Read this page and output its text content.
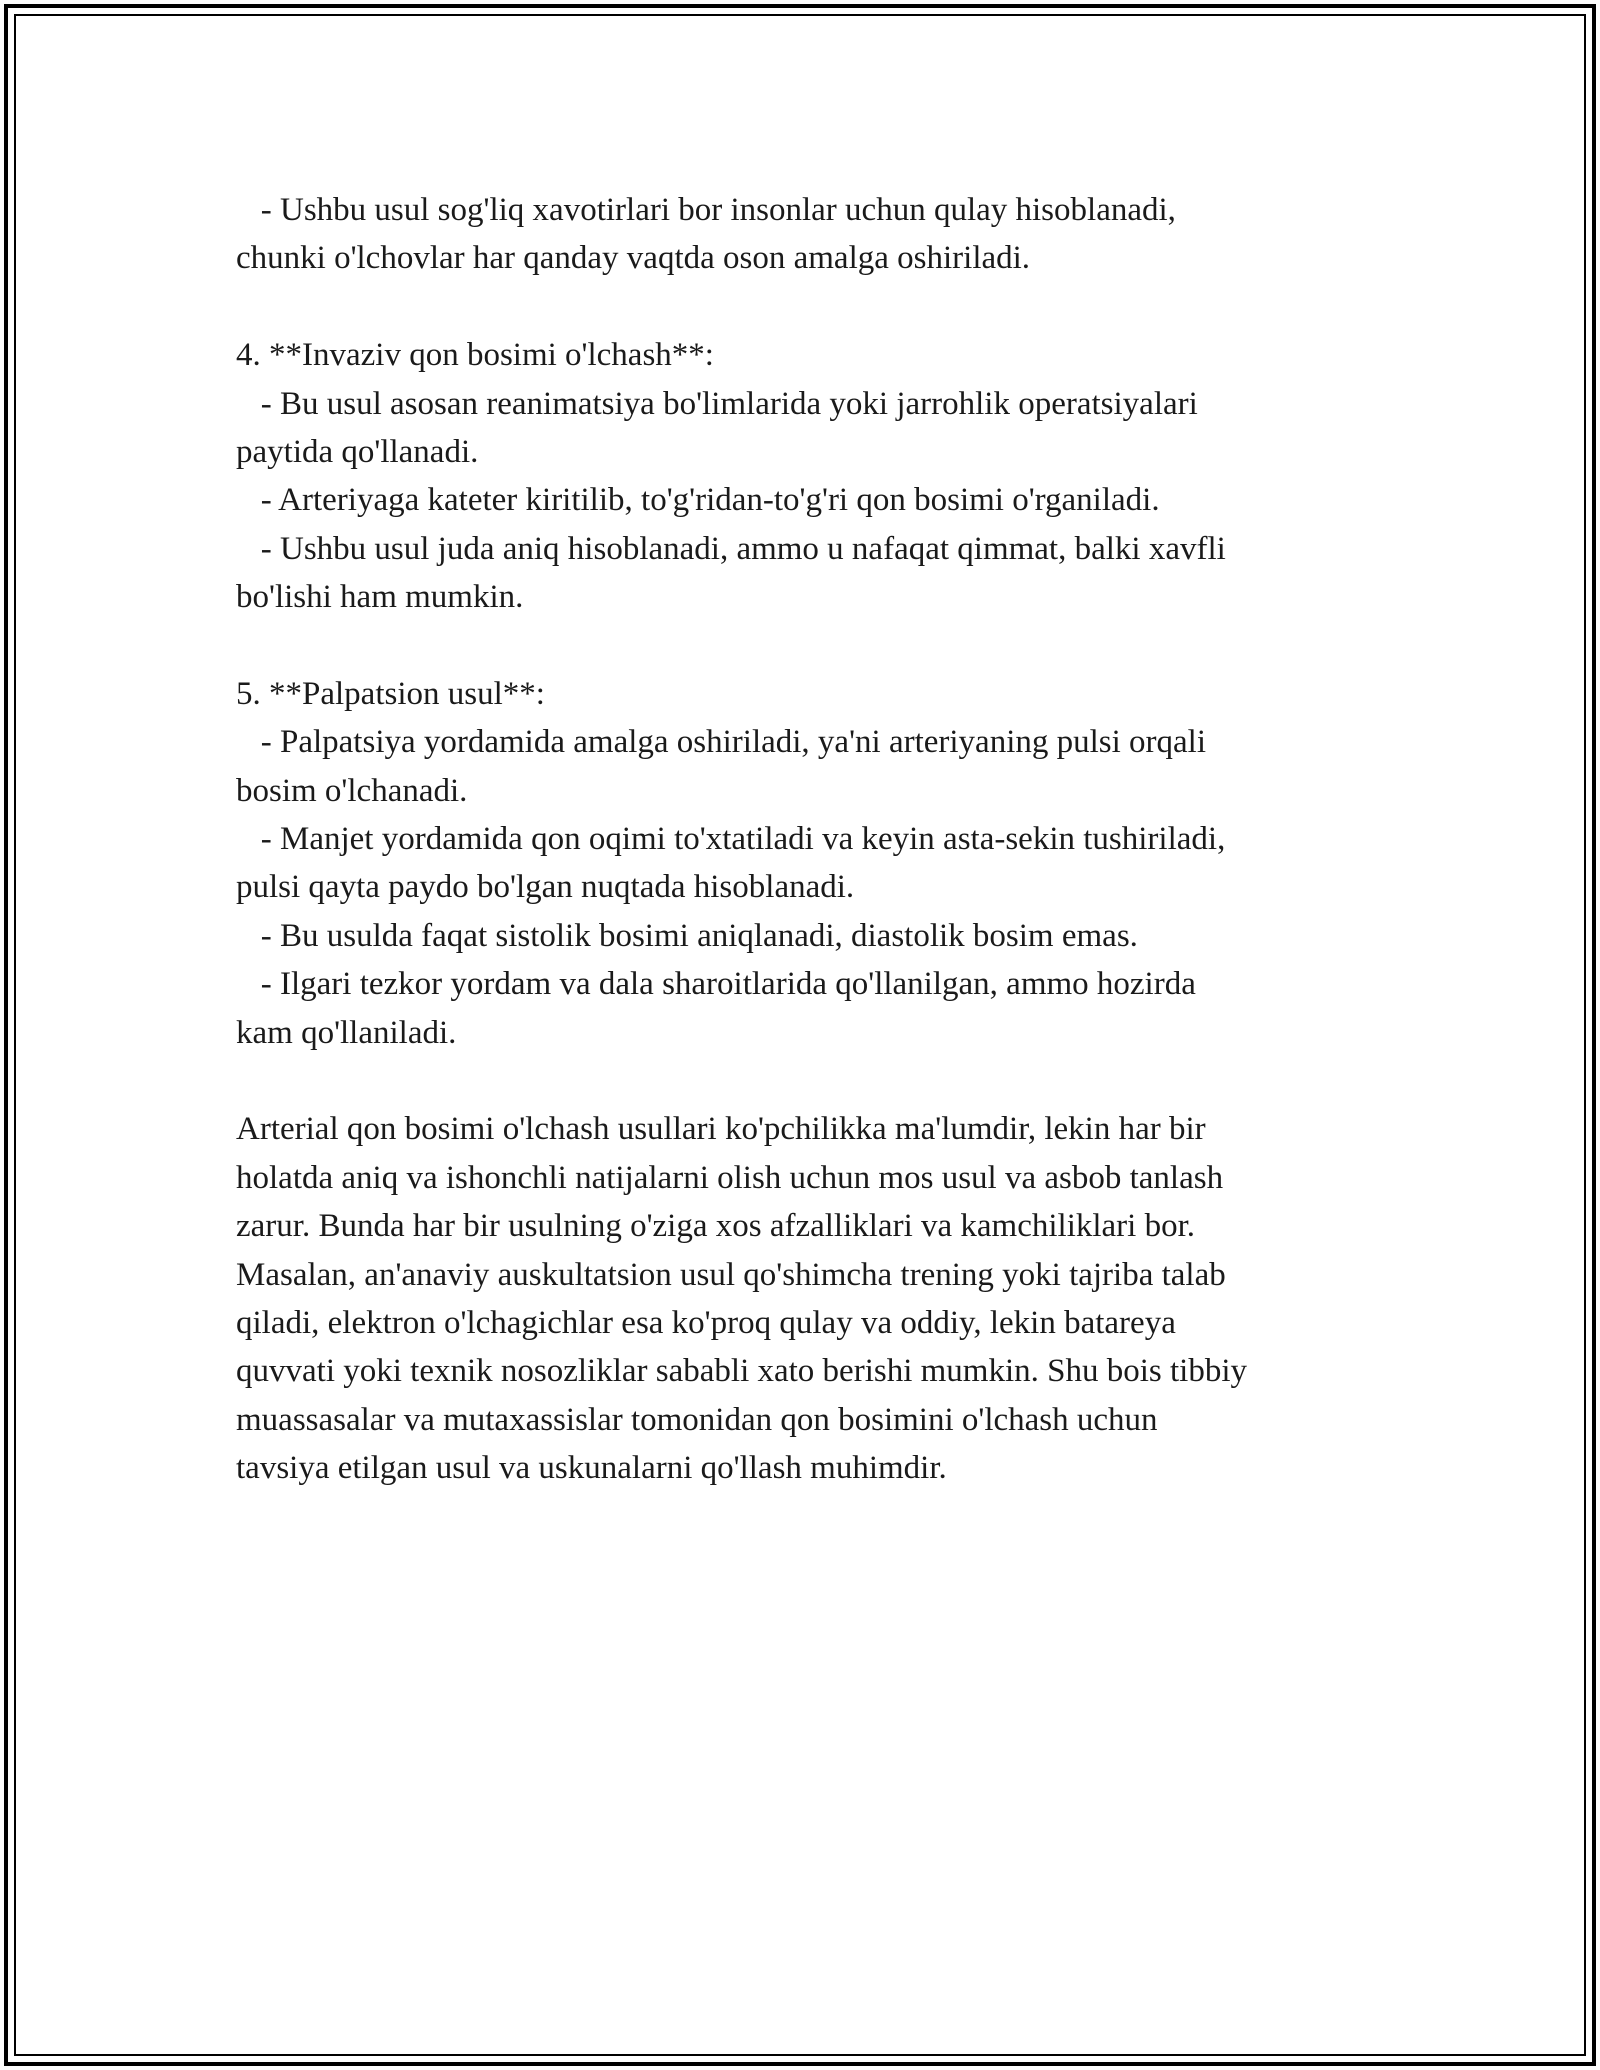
- Ushbu usul sog'liq xavotirlari bor insonlar uchun qulay hisoblanadi,
chunki o'lchovlar har qanday vaqtda oson amalga oshiriladi.
4. **Invaziv qon bosimi o'lchash**:
- Bu usul asosan reanimatsiya bo'limlarida yoki jarrohlik operatsiyalari
paytida qo'llanadi.
- Arteriyaga kateter kiritilib, to'g'ridan-to'g'ri qon bosimi o'rganiladi.
- Ushbu usul juda aniq hisoblanadi, ammo u nafaqat qimmat, balki xavfli
bo'lishi ham mumkin.
5. **Palpatsion usul**:
- Palpatsiya yordamida amalga oshiriladi, ya'ni arteriyaning pulsi orqali
bosim o'lchanadi.
- Manjet yordamida qon oqimi to'xtatiladi va keyin asta-sekin tushiriladi,
pulsi qayta paydo bo'lgan nuqtada hisoblanadi.
- Bu usulda faqat sistolik bosimi aniqlanadi, diastolik bosim emas.
- Ilgari tezkor yordam va dala sharoitlarida qo'llanilgan, ammo hozirda
kam qo'llaniladi.
Arterial qon bosimi o'lchash usullari ko'pchilikka ma'lumdir, lekin har bir
holatda aniq va ishonchli natijalarni olish uchun mos usul va asbob tanlash
zarur. Bunda har bir usulning o'ziga xos afzalliklari va kamchiliklari bor.
Masalan, an'anaviy auskultatsion usul qo'shimcha trening yoki tajriba talab
qiladi, elektron o'lchagichlar esa ko'proq qulay va oddiy, lekin batareya
quvvati yoki texnik nosozliklar sababli xato berishi mumkin. Shu bois tibbiy
muassasalar va mutaxassislar tomonidan qon bosimini o'lchash uchun
tavsiya etilgan usul va uskunalarni qo'llash muhimdir.
